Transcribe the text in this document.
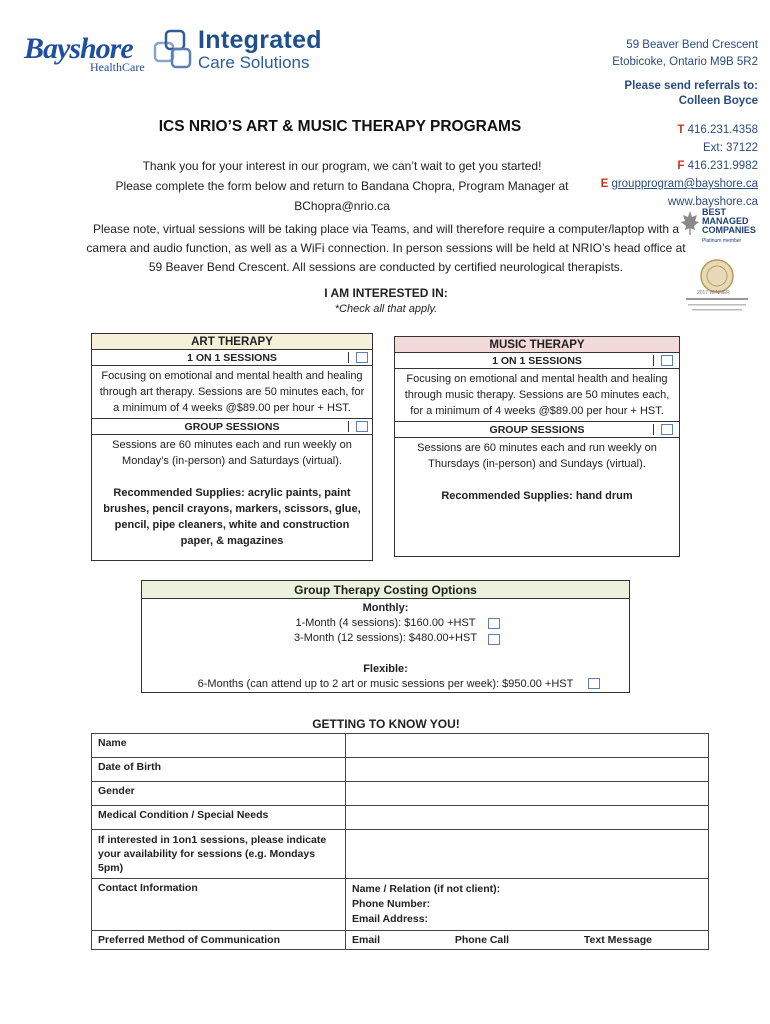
Bayshore
HealthCare
Integrated
Care Solutions
59 Beaver Bend Crescent
Etobicoke, Ontario M9B 5R2
Please send referrals to:
Colleen Boyce
T 416.231.4358
Ext: 37122
F 416.231.9982
E groupprogram@bayshore.ca
www.bayshore.ca
BEST
MANAGED
COMPANIES
Platinum member
2017 WINNER
ICS NRIO’S ART & MUSIC THERAPY PROGRAMS
Thank you for your interest in our program, we can’t wait to get you started!
Please complete the form below and return to Bandana Chopra, Program Manager at
BChopra@nrio.ca
Please note, virtual sessions will be taking place via Teams, and will therefore require a computer/laptop with a camera and audio function, as well as a WiFi connection. In person sessions will be held at NRIO’s head office at 59 Beaver Bend Crescent. All sessions are conducted by certified neurological therapists.
I AM INTERESTED IN:
*Check all that apply.
ART THERAPY
1 ON 1 SESSIONS
Focusing on emotional and mental health and healing through art therapy. Sessions are 50 minutes each, for a minimum of 4 weeks @$89.00 per hour + HST.
GROUP SESSIONS
Sessions are 60 minutes each and run weekly on Monday’s (in-person) and Saturdays (virtual).
Recommended Supplies: acrylic paints, paint brushes, pencil crayons, markers, scissors, glue, pencil, pipe cleaners, white and construction paper, & magazines
MUSIC THERAPY
1 ON 1 SESSIONS
Focusing on emotional and mental health and healing through music therapy. Sessions are 50 minutes each, for a minimum of 4 weeks @$89.00 per hour + HST.
GROUP SESSIONS
Sessions are 60 minutes each and run weekly on Thursdays (in-person) and Sundays (virtual).
Recommended Supplies: hand drum
Group Therapy Costing Options
Monthly:
1-Month (4 sessions): $160.00 +HST
3-Month (12 sessions): $480.00+HST
Flexible:
6-Months (can attend up to 2 art or music sessions per week): $950.00 +HST
GETTING TO KNOW YOU!
Name	
Date of Birth	
Gender	
Medical Condition / Special Needs	
If interested in 1on1 sessions, please indicate your availability for sessions (e.g. Mondays 5pm)	
Contact Information	Name / Relation (if not client):
Phone Number:
Email Address:

Preferred Method of Communication	Email Phone Call Text Message
